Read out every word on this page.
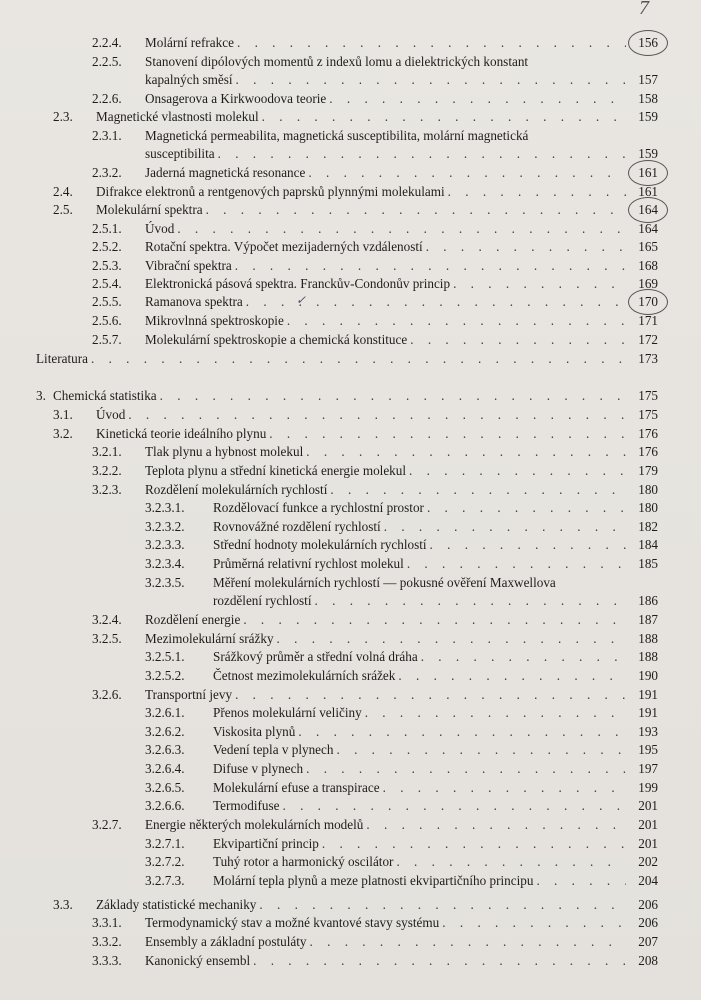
7
2.2.4. Molární refrakce . . .	156
2.2.5. Stanovení dipólových momentů z indexů lomu a dielektrických konstant
kapalných směsí . . .	157
2.2.6. Onsagerova a Kirkwoodova teorie . . .	158
2.3. Magnetické vlastnosti molekul . . .	159
2.3.1. Magnetická permeabilita, magnetická susceptibilita, molární magnetická
susceptibilita . . .	159
2.3.2. Jaderná magnetická resonance . . .	161
2.4. Difrakce elektronů a rentgenových paprsků plynnými molekulami . . .	161
2.5. Molekulární spektra . . .	164
2.5.1. Úvod . . .	164
2.5.2. Rotační spektra. Výpočet mezijaderných vzdáleností . . .	165
2.5.3. Vibrační spektra . . .	168
2.5.4. Elektronická pásová spektra. Franckův-Condonův princip . . .	169
2.5.5. Ramanova spektra . . .	170
✓
2.5.6. Mikrovlnná spektroskopie . . .	171
2.5.7. Molekulární spektroskopie a chemická konstituce . . .	172
Literatura . . .	173
3. Chemická statistika . . .	175
3.1. Úvod . . .	175
3.2. Kinetická teorie ideálního plynu . . .	176
3.2.1. Tlak plynu a hybnost molekul . . .	176
3.2.2. Teplota plynu a střední kinetická energie molekul . . .	179
3.2.3. Rozdělení molekulárních rychlostí . . .	180
3.2.3.1. Rozdělovací funkce a rychlostní prostor . . .	180
3.2.3.2. Rovnovážné rozdělení rychlostí . . .	182
3.2.3.3. Střední hodnoty molekulárních rychlostí . . .	184
3.2.3.4. Průměrná relativní rychlost molekul . . .	185
3.2.3.5. Měření molekulárních rychlostí — pokusné ověření Maxwellova
rozdělení rychlostí . . .	186
3.2.4. Rozdělení energie . . .	187
3.2.5. Mezimolekulární srážky . . .	188
3.2.5.1. Srážkový průměr a střední volná dráha . . .	188
3.2.5.2. Četnost mezimolekulárních srážek . . .	190
3.2.6. Transportní jevy . . .	191
3.2.6.1. Přenos molekulární veličiny . . .	191
3.2.6.2. Viskosita plynů . . .	193
3.2.6.3. Vedení tepla v plynech . . .	195
3.2.6.4. Difuse v plynech . . .	197
3.2.6.5. Molekulární efuse a transpirace . . .	199
3.2.6.6. Termodifuse . . .	201
3.2.7. Energie některých molekulárních modelů . . .	201
3.2.7.1. Ekvipartiční princip . . .	201
3.2.7.2. Tuhý rotor a harmonický oscilátor . . .	202
3.2.7.3. Molární tepla plynů a meze platnosti ekvipartičního principu . . .	204
3.3. Základy statistické mechaniky . . .	206
3.3.1. Termodynamický stav a možné kvantové stavy systému . . .	206
3.3.2. Ensembly a základní postuláty . . .	207
3.3.3. Kanonický ensembl . . .	208
